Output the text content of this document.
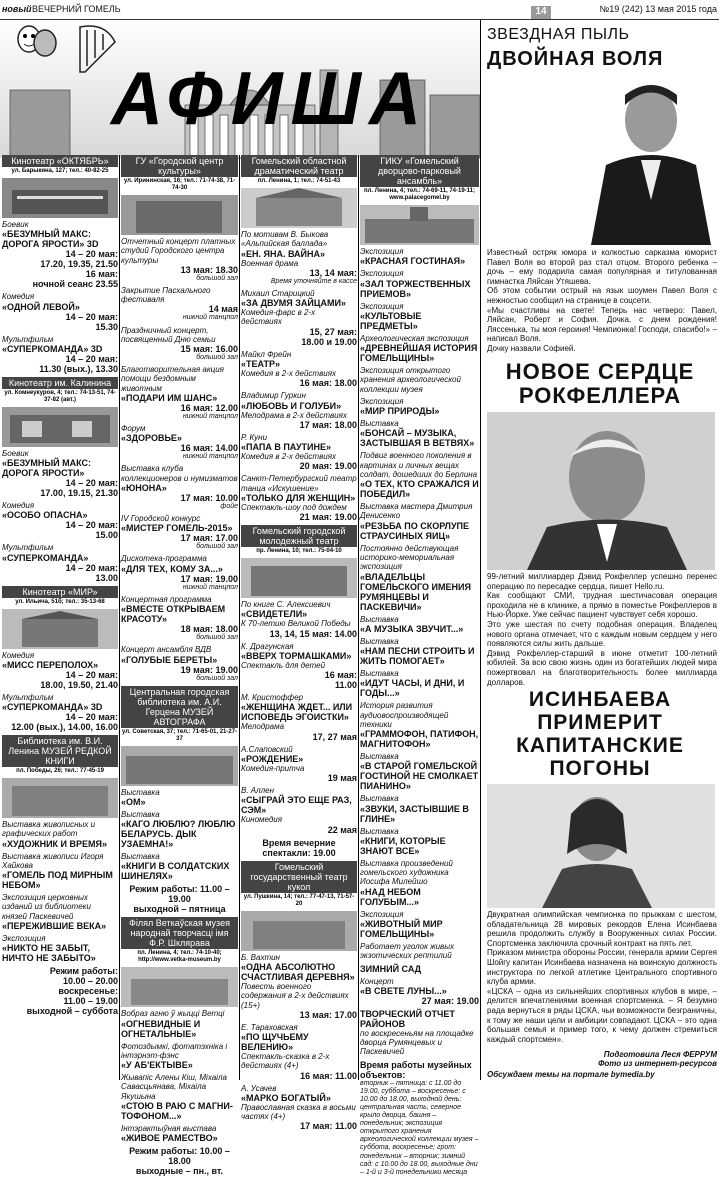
новый ВЕЧЕРНИЙ ГОМЕЛЬ	14	№19 (242) 13 мая 2015 года
АФИША
Кинотеатр «ОКТЯБРЬ»
ул. Барыкина, 127; тел.: 40-82-25
Боевик
«БЕЗУМНЫЙ МАКС: ДОРОГА ЯРОСТИ» 3D
14 – 20 мая:
17.20, 19.35, 21.50
16 мая:
ночной сеанс 23.55
Комедия
«ОДНОЙ ЛЕВОЙ»
14 – 20 мая:
15.30
Мультфильм
«СУПЕРКОМАНДА» 3D
14 – 20 мая:
11.30 (вых.), 13.30
Кинотеатр им. Калинина
ул. Комнеукуров, 4; тел.: 74-13-51, 74-37-82 (авт.)
Боевик
«БЕЗУМНЫЙ МАКС: ДОРОГА ЯРОСТИ»
14 – 20 мая:
17.00, 19.15, 21.30
Комедия
«ОСОБО ОПАСНА»
14 – 20 мая:
15.00
Мультфильм
«СУПЕРКОМАНДА»
14 – 20 мая:
13.00
Кинотеатр «МИР»
ул. Ильича, 51б; тел.: 35-13-68
Комедия
«МИСС ПЕРЕПОЛОХ»
14 – 20 мая:
18.00, 19.50, 21.40
Мультфильм
«СУПЕРКОМАНДА» 3D
14 – 20 мая:
12.00 (вых.), 14.00, 16.00
Библиотека им. В.И. Ленина МУЗЕЙ РЕДКОЙ КНИГИ
пл. Победы, 26; тел.: 77-45-19
Выставка живописных и графических работ
«ХУДОЖНИК И ВРЕМЯ»
Выставка живописи Игоря Хайкова
«ГОМЕЛЬ ПОД МИРНЫМ НЕБОМ»
Экспозиция церковных изданий из библиотеки князей Паскевичей
«ПЕРЕЖИВШИЕ ВЕКА»
Экспозиция
«НИКТО НЕ ЗАБЫТ, НИЧТО НЕ ЗАБЫТО»
Режим работы:
10.00 – 20.00
воскресенье:
11.00 – 19.00
выходной – суббота
ГУ «Городской центр культуры»
ул. Ирининская, 16; тел.: 71-74-38, 71-74-30
Отчетный концерт платных студий Городского центра культуры
13 мая: 18.30
большой зал
Закрытие Пасхального фестиваля
14 мая
нижний танцпол
Праздничный концерт, посвященный Дню семьи
15 мая: 16.00
большой зал
Благотворительная акция помощи бездомным животным
«ПОДАРИ ИМ ШАНС»
16 мая: 12.00
нижний танцпол
Форум
«ЗДОРОВЬЕ»
16 мая: 14.00
нижний танцпол
Выставка клуба коллекционеров и нумизматов
«ЮНОНА»
17 мая: 10.00
фойе
IV Городской конкурс
«МИСТЕР ГОМЕЛЬ-2015»
17 мая: 17.00
большой зал
Дискотека-программа
«ДЛЯ ТЕХ, КОМУ ЗА...»
17 мая: 19.00
нижний танцпол
Концертная программа
«ВМЕСТЕ ОТКРЫВАЕМ КРАСОТУ»
18 мая: 18.00
большой зал
Концерт ансамбля ВДВ
«ГОЛУБЫЕ БЕРЕТЫ»
19 мая: 19.00
большой зал
Центральная городская библиотека им. А.И. Герцена МУЗЕЙ АВТОГРАФА
ул. Советская, 37; тел.: 71-65-01, 21-27-37
Выставка
«ОМ»
Выставка
«КАГО ЛЮБЛЮ? ЛЮБЛЮ БЕЛАРУСЬ. ДЫК УЗАЕМНА!»
Выставка
«КНИГИ В СОЛДАТСКИХ ШИНЕЛЯХ»
Режим работы: 11.00 – 19.00
выходной – пятница
Філял Веткаўская музея народнай творчасці імя Ф.Р. Шкляравa
пл. Ленина, 4; тел.: 74-10-40; http://www.vetka-museum.by
Вобраз агню ў жыцці Ветці
«ОГНЕВИДНЫЕ И ОГНЕТАЛЬНЫЕ»
Фотоздымкі, фотатэхніка і інтэрнэт-фэнс
«У АБ'ЕКТЫВЕ»
Жывапіс Алены Кіш, Міхаіла Савасцьянава, Міхаіла Якушына
«СТОЮ В РАЮ С МАГНИ-ТОФОНОМ...»
Інтэрактыўная выстава
«ЖИВОЕ РАМЕСТВО»
Режим работы: 10.00 – 18.00
выходные – пн., вт.
Гомельский областной драматический театр
пл. Ленина, 1; тел.: 74-51-43
По мотивам В. Быкова «Альпийская баллада»
«ЕН. ЯНА. ВАЙНА»
Военная драма
13, 14 мая:
Время уточняйте в кассе
Михаил Старицкий
«ЗА ДВУМЯ ЗАЙЦАМИ»
Комедия-фарс в 2-х действиях
15, 27 мая:
18.00 и 19.00
Майкл Фрейн
«ТЕАТР»
Комедия в 2-х действиях
16 мая: 18.00
Владимир Гуркин
«ЛЮБОВЬ И ГОЛУБИ»
Мелодрама в 2-х действиях
17 мая: 18.00
Р. Куни
«ПАПА В ПАУТИНЕ»
Комедия в 2-х действиях
20 мая: 19.00
Санкт-Петербургский театр танца «Искушение»
«ТОЛЬКО ДЛЯ ЖЕНЩИН»
Спектакль-шоу под дождем
21 мая: 19.00
Гомельский городской молодежный театр
пр. Ленина, 10; тел.: 75-04-10
По книге С. Алексиевич
«СВИДЕТЕЛИ»
К 70-летию Великой Победы
13, 14, 15 мая: 14.00
К. Драгунская
«ВВЕРХ ТОРМАШКАМИ»
Спектакль для детей
16 мая:
11.00
М. Кристоффер
«ЖЕНЩИНА ЖДЕТ... ИЛИ ИСПОВЕДЬ ЭГОИСТКИ»
Мелодрама
17, 27 мая
А.Слаповский
«РОЖДЕНИЕ»
Комедия-притча
19 мая
В. Аллен
«СЫГРАЙ ЭТО ЕЩЕ РАЗ, СЭМ»
Киномедия
22 мая
Время вечерние спектакли: 19.00
Гомельский государственный театр кукол
ул. Пушкина, 14; тел.: 77-47-13, 71-57-20
Б. Вахтин
«ОДНА АБСОЛЮТНО СЧАСТЛИВАЯ ДЕРЕВНЯ»
Повесть военного содержания в 2-х действиях (15+)
13 мая: 17.00
Е. Тараховская
«ПО ЩУЧЬЕМУ ВЕЛЕНИЮ»
Спектакль-сказка в 2-х действиях (4+)
16 мая: 11.00
А. Усачев
«МАРКО БОГАТЫЙ»
Православная сказка в восьми частях (4+)
17 мая: 11.00
ГИКУ «Гомельский дворцово-парковый ансамбль»
пл. Ленина, 4; тел.: 74-69-11, 74-19-11; www.palacegomel.by
Экспозиция
«КРАСНАЯ ГОСТИНАЯ»
Экспозиция
«ЗАЛ ТОРЖЕСТВЕННЫХ ПРИЕМОВ»
Экспозиция
«КУЛЬТОВЫЕ ПРЕДМЕТЫ»
Археологическая экспозиция
«ДРЕВНЕЙШАЯ ИСТОРИЯ ГОМЕЛЬЩИНЫ»
Экспозиция открытого хранения археологической коллекции музея
Экспозиция
«МИР ПРИРОДЫ»
Выставка
«БОНСАЙ – МУЗЫКА, ЗАСТЫВШАЯ В ВЕТВЯХ»
Подвиг военного поколения в картинах и личных вещах солдат, дошедших до Берлина
«О ТЕХ, КТО СРАЖАЛСЯ И ПОБЕДИЛ»
Выставка мастера Дмитрия Денисенко
«РЕЗЬБА ПО СКОРЛУПЕ СТРАУСИНЫХ ЯИЦ»
Постоянно действующая историко-мемориальная экспозиция
«ВЛАДЕЛЬЦЫ ГОМЕЛЬСКОГО ИМЕНИЯ РУМЯНЦЕВЫ И ПАСКЕВИЧИ»
Выставка
«А МУЗЫКА ЗВУЧИТ...»
Выставка
«НАМ ПЕСНИ СТРОИТЬ И ЖИТЬ ПОМОГАЕТ»
Выставка
«ИДУТ ЧАСЫ, И ДНИ, И ГОДЫ...»
История развития аудиовоспроизводящей техники
«ГРАММОФОН, ПАТИФОН, МАГНИТОФОН»
Выставка
«В СТАРОЙ ГОМЕЛЬСКОЙ ГОСТИНОЙ НЕ СМОЛКАЕТ ПИАНИНО»
Выставка
«ЗВУКИ, ЗАСТЫВШИЕ В ГЛИНЕ»
Выставка
«КНИГИ, КОТОРЫЕ ЗНАЮТ ВСЕ»
Выставка произведений гомельского художника Иосифа Милейшо
«НАД НЕБОМ ГОЛУБЫМ...»
Экспозиция
«ЖИВОТНЫЙ МИР ГОМЕЛЬЩИНЫ»
Работает уголок живых экзотических рептилий
ЗИМНИЙ САД
Концерт
«В СВЕТЕ ЛУНЫ...»
27 мая: 19.00
ТВОРЧЕСКИЙ ОТЧЕТ РАЙОНОВ
по воскресеньям на площадке дворца Румянцевых и Паскевичей
Время работы музейных объектов:
вторник – пятница: с 11.00 до 19.00, суббота – воскресенье: с 10.00 до 18.00, выходной день: центральная часть, северное крыло дворца, башня – понедельник; экспозиция открытого хранения археологической коллекции музея – суббота, воскресенье; грот: понедельник – вторник; зимний сад: с 10.00 до 18.00, выходные дни – 1-й и 3-й понедельники месяца
ЗВЕЗДНАЯ ПЫЛЬ
ДВОЙНАЯ ВОЛЯ
Известный остряк юмора и колкостью сарказма юморист Павел Воля во второй раз стал отцом. Второго ребенка – дочь – ему подарила самая популярная и титулованная гимнастка Ляйсан Утяшева.
Об этом событии острый на язык шоумен Павел Воля с нежностью сообщил на странице в соцсети.
«Мы счастливы на свете! Теперь нас четверо: Павел, Ляйсан, Роберт и София. Дочка, с днем рождения! Ляссенька, ты моя героиня! Чемпионка! Господи, спасибо!» – написал Воля.
Дочку назвали Софией.
НОВОЕ СЕРДЦЕ РОКФЕЛЛЕРА
99-летний миллиардер Дэвид Рокфеллер успешно перенес операцию по пересадке сердца, пишет Hello.ru.
Как сообщают СМИ, трудная шестичасовая операция проходила не в клинике, а прямо в поместье Рокфеллеров в Нью-Йорке. Уже сейчас пациент чувствует себя хорошо.
Это уже шестая по счету подобная операция. Владелец нового органа отмечает, что с каждым новым сердцем у него появляются силы жить дальше.
Дэвид Рокфеллер-старший в июне отметит 100-летний юбилей. За всю свою жизнь один из богатейших людей мира пожертвовал на благотворительность более миллиарда долларов.
ИСИНБАЕВА ПРИМЕРИТ КАПИТАНСКИЕ ПОГОНЫ
Двукратная олимпийская чемпионка по прыжкам с шестом, обладательница 28 мировых рекордов Елена Исинбаева решила продолжить службу в Вооруженных силах России. Спортсменка заключила срочный контракт на пять лет.
Приказом министра обороны России, генерала армии Сергея Шойгу капитан Исинбаева назначена на воинскую должность инструктора по легкой атлетике Центрального спортивного клуба армии.
«ЦСКА – одна из сильнейших спортивных клубов в мире, – делится впечатлениями военная спортсменка. – Я безумно рада вернуться в ряды ЦСКА, чьи возможности безграничны, к тому же наши цели и амбиции совпадают. ЦСКА – это одна большая семья и пример того, к чему должен стремиться каждый спортсмен».
Подготовила Леся ФЕРРУМ
Фото из интернет-ресурсов
Обсуждаем темы на портале bymedia.by
